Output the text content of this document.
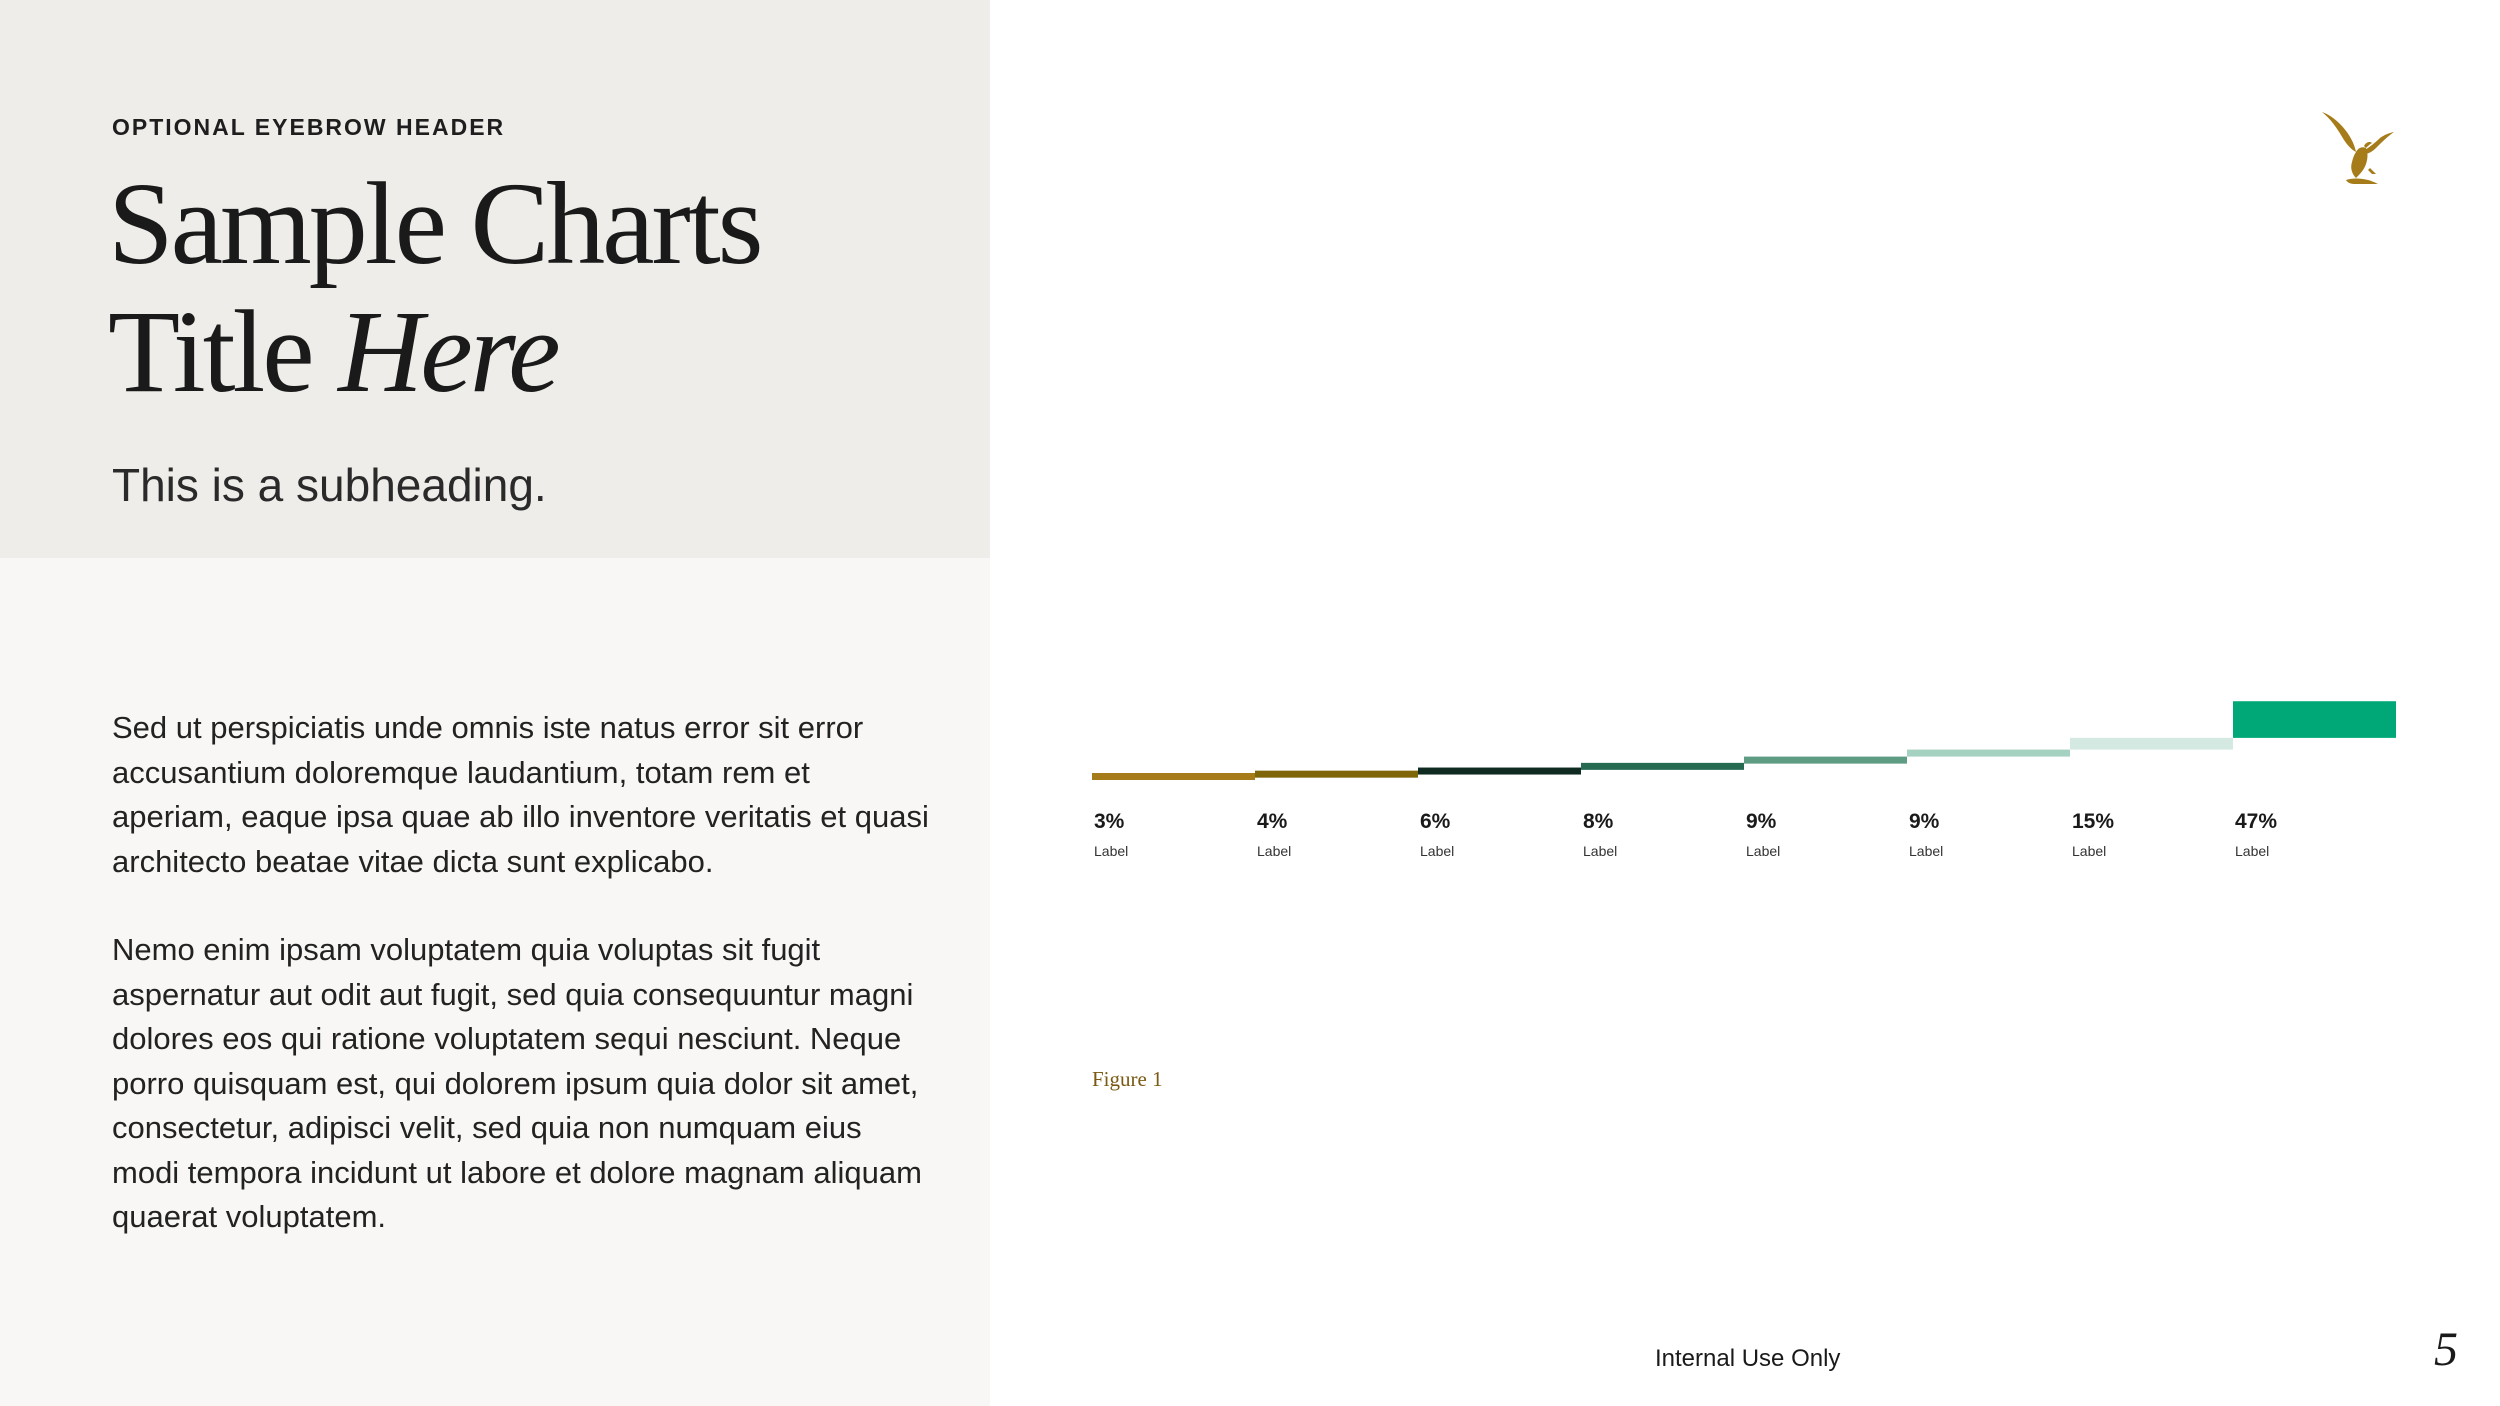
OPTIONAL EYEBROW HEADER
Sample Charts
Title Here
This is a subheading.

Sed ut perspiciatis unde omnis iste natus error sit error accusantium doloremque laudantium, totam rem et aperiam, eaque ipsa quae ab illo inventore veritatis et quasi architecto beatae vitae dicta sunt explicabo.

Nemo enim ipsam voluptatem quia voluptas sit fugit aspernatur aut odit aut fugit, sed quia consequuntur magni dolores eos qui ratione voluptatem sequi nesciunt. Neque porro quisquam est, qui dolorem ipsum quia dolor sit amet, consectetur, adipisci velit, sed quia non numquam eius modi tempora incidunt ut labore et dolore magnam aliquam quaerat voluptatem.

3%	4%	6%	8%	9%	9%	15%	47%
Label	Label	Label	Label	Label	Label	Label	Label
Figure 1
Internal Use Only	5
